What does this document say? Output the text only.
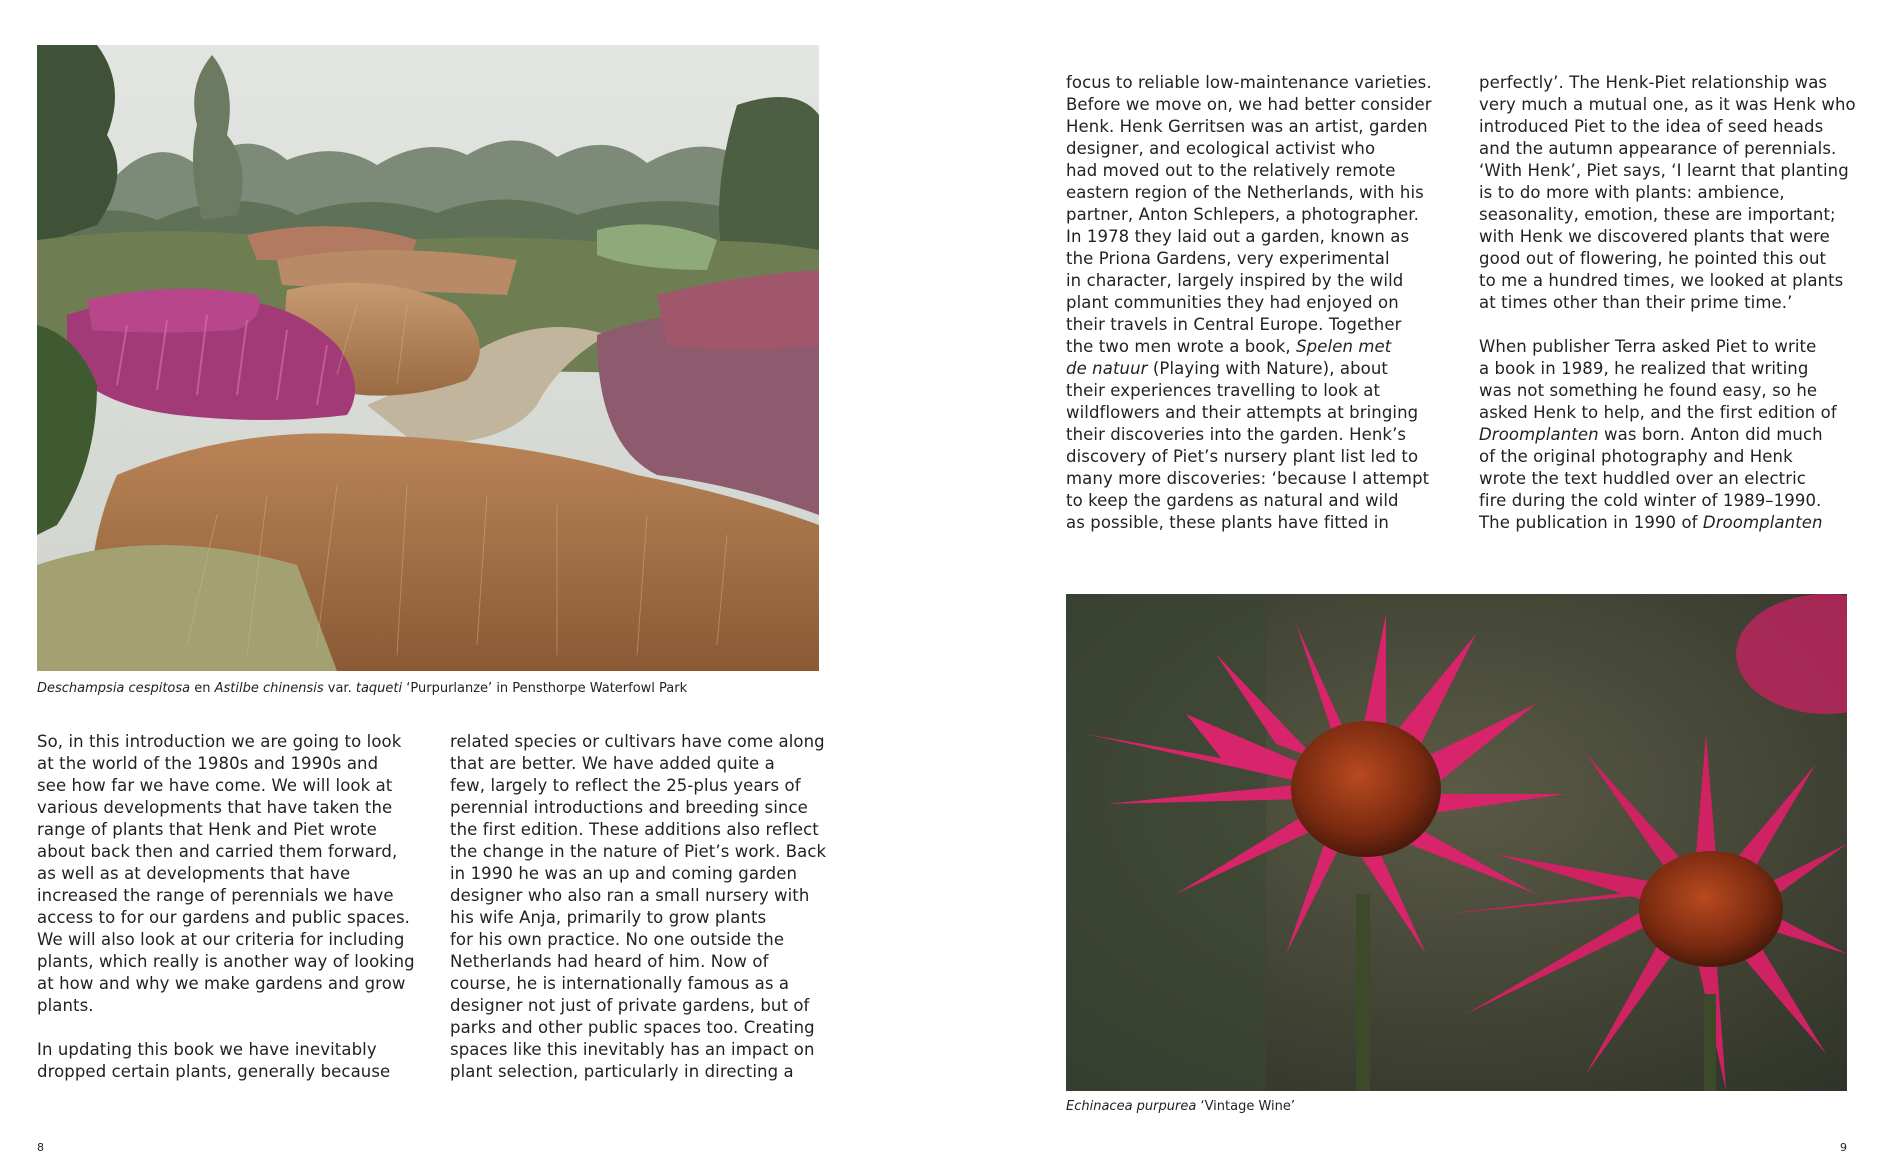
Deschampsia cespitosa en Astilbe chinensis var. taqueti ‘Purpurlanze’ in Pensthorpe Waterfowl Park

So, in this introduction we are going to look
at the world of the 1980s and 1990s and
see how far we have come. We will look at
various developments that have taken the
range of plants that Henk and Piet wrote
about back then and carried them forward,
as well as at developments that have
increased the range of perennials we have
access to for our gardens and public spaces.
We will also look at our criteria for including
plants, which really is another way of looking
at how and why we make gardens and grow
plants.

In updating this book we have inevitably
dropped certain plants, generally because

related species or cultivars have come along
that are better. We have added quite a
few, largely to reflect the 25-plus years of
perennial introductions and breeding since
the first edition. These additions also reflect
the change in the nature of Piet’s work. Back
in 1990 he was an up and coming garden
designer who also ran a small nursery with
his wife Anja, primarily to grow plants
for his own practice. No one outside the
Netherlands had heard of him. Now of
course, he is internationally famous as a
designer not just of private gardens, but of
parks and other public spaces too. Creating
spaces like this inevitably has an impact on
plant selection, particularly in directing a

8

focus to reliable low-maintenance varieties.
Before we move on, we had better consider
Henk. Henk Gerritsen was an artist, garden
designer, and ecological activist who
had moved out to the relatively remote
eastern region of the Netherlands, with his
partner, Anton Schlepers, a photographer.
In 1978 they laid out a garden, known as
the Priona Gardens, very experimental
in character, largely inspired by the wild
plant communities they had enjoyed on
their travels in Central Europe. Together
the two men wrote a book, Spelen met
de natuur (Playing with Nature), about
their experiences travelling to look at
wildflowers and their attempts at bringing
their discoveries into the garden. Henk’s
discovery of Piet’s nursery plant list led to
many more discoveries: ‘because I attempt
to keep the gardens as natural and wild
as possible, these plants have fitted in

perfectly’. The Henk-Piet relationship was
very much a mutual one, as it was Henk who
introduced Piet to the idea of seed heads
and the autumn appearance of perennials.
‘With Henk’, Piet says, ‘I learnt that planting
is to do more with plants: ambience,
seasonality, emotion, these are important;
with Henk we discovered plants that were
good out of flowering, he pointed this out
to me a hundred times, we looked at plants
at times other than their prime time.’

When publisher Terra asked Piet to write
a book in 1989, he realized that writing
was not something he found easy, so he
asked Henk to help, and the first edition of
Droomplanten was born. Anton did much
of the original photography and Henk
wrote the text huddled over an electric
fire during the cold winter of 1989–1990.
The publication in 1990 of Droomplanten

Echinacea purpurea ‘Vintage Wine’
9
